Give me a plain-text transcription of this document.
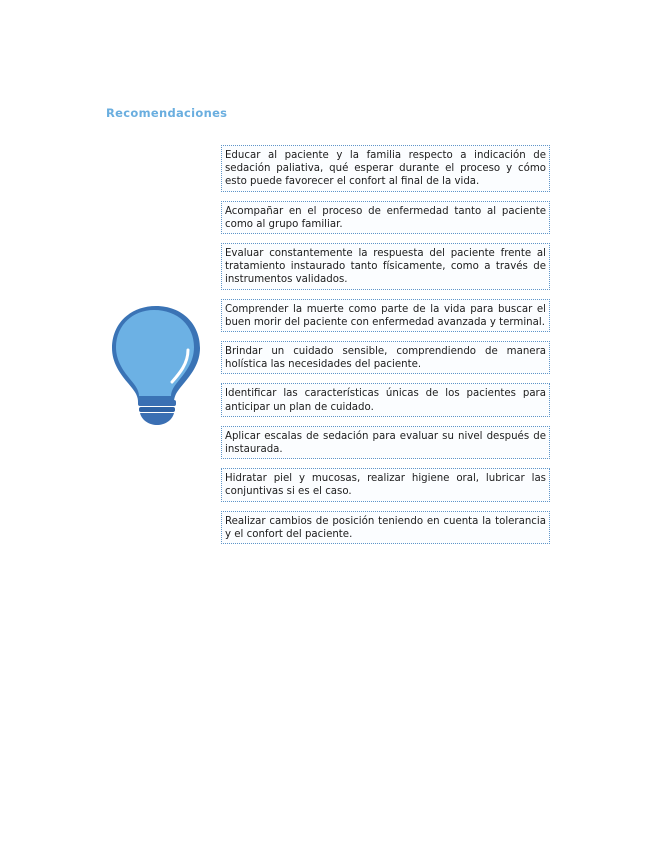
Recomendaciones
Educar al paciente y la familia respecto a indicación de sedación paliativa, qué esperar durante el proceso y cómo esto puede favorecer el confort al final de la vida.
Acompañar en el proceso de enfermedad tanto al paciente como al grupo familiar.
Evaluar constantemente la respuesta del paciente frente al tratamiento instaurado tanto físicamente, como a través de instrumentos validados.
Comprender la muerte como parte de la vida para buscar el buen morir del paciente con enfermedad avanzada y terminal.
Brindar un cuidado sensible, comprendiendo de manera holística las necesidades del paciente.
Identificar las características únicas de los pacientes para anticipar un plan de cuidado.
Aplicar escalas de sedación para evaluar su nivel después de instaurada.
Hidratar piel y mucosas, realizar higiene oral, lubricar las conjuntivas si es el caso.
Realizar cambios de posición teniendo en cuenta la tolerancia y el confort del paciente.
